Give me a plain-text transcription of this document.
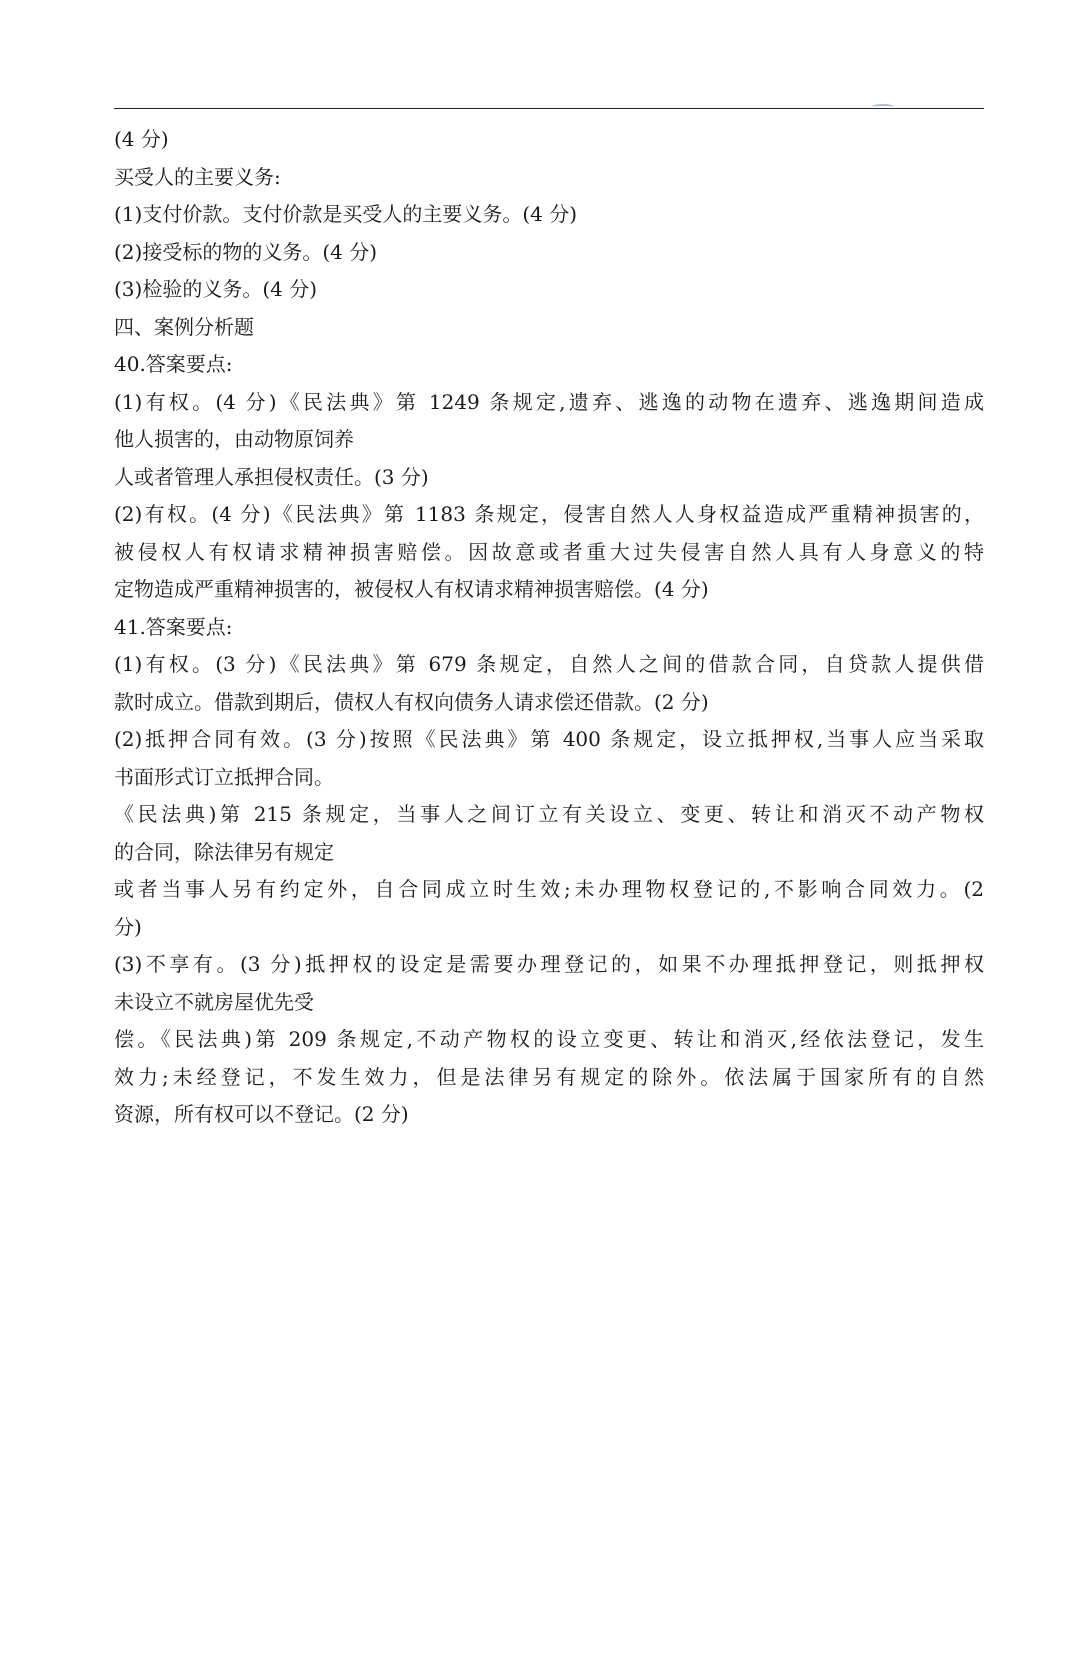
(4 分)
买受人的主要义务:
(1)支付价款。支付价款是买受人的主要义务。(4 分)
(2)接受标的物的义务。(4 分)
(3)检验的义务。(4 分)
四、案例分析题
40.答案要点:
(1)有权。(4 分)《民法典》第 1249 条规定,遗弃、逃逸的动物在遗弃、逃逸期间造成
他人损害的，由动物原饲养
人或者管理人承担侵权责任。(3 分)
(2)有权。(4 分)《民法典》第 1183 条规定，侵害自然人人身权益造成严重精神损害的，
被侵权人有权请求精神损害赔偿。因故意或者重大过失侵害自然人具有人身意义的特
定物造成严重精神损害的，被侵权人有权请求精神损害赔偿。(4 分)
41.答案要点:
(1)有权。(3 分)《民法典》第 679 条规定，自然人之间的借款合同，自贷款人提供借
款时成立。借款到期后，债权人有权向债务人请求偿还借款。(2 分)
(2)抵押合同有效。(3 分)按照《民法典》第 400 条规定，设立抵押权,当事人应当采取
书面形式订立抵押合同。
《民法典)第 215 条规定，当事人之间订立有关设立、变更、转让和消灭不动产物权
的合同，除法律另有规定
或者当事人另有约定外，自合同成立时生效;未办理物权登记的,不影响合同效力。(2
分)
(3)不享有。(3 分)抵押权的设定是需要办理登记的，如果不办理抵押登记，则抵押权
未设立不就房屋优先受
偿。《民法典)第 209 条规定,不动产物权的设立变更、转让和消灭,经依法登记，发生
效力;未经登记，不发生效力，但是法律另有规定的除外。依法属于国家所有的自然
资源，所有权可以不登记。(2 分)
